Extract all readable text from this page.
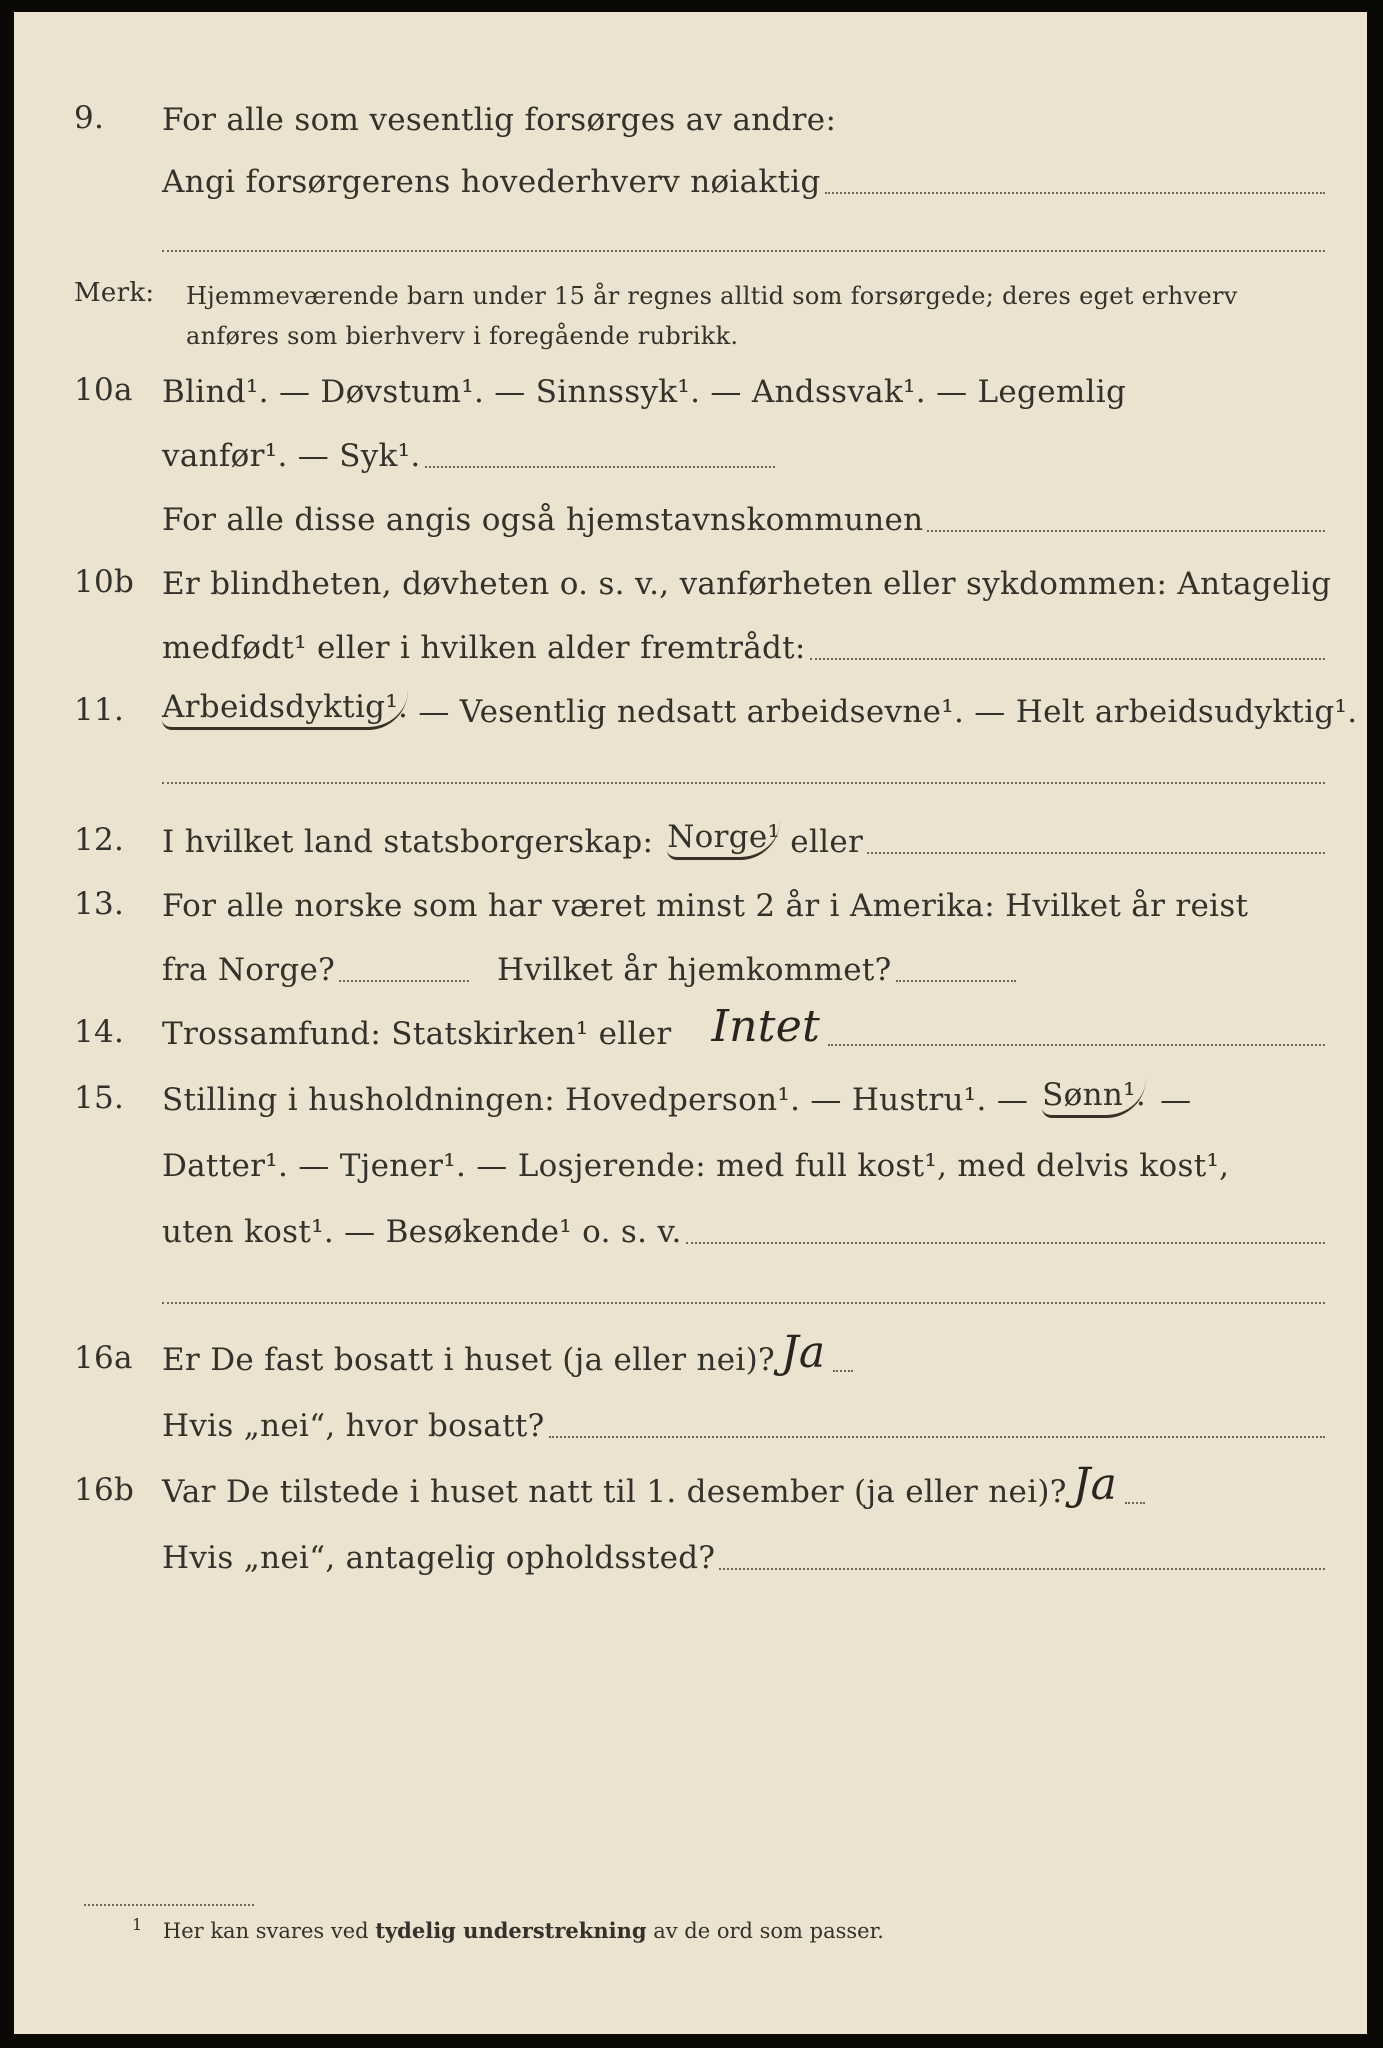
9. For alle som vesentlig forsørges av andre:
Angi forsørgerens hovederhverv nøiaktig
Merk: Hjemmeværende barn under 15 år regnes alltid som forsørgede; deres eget erhverv
anføres som bierhverv i foregående rubrikk.
10a Blind¹. — Døvstum¹. — Sinnssyk¹. — Andssvak¹. — Legemlig
vanfør¹. — Syk¹.
For alle disse angis også hjemstavnskommunen
10b Er blindheten, døvheten o. s. v., vanførheten eller sykdommen: Antagelig
medfødt¹ eller i hvilken alder fremtrådt:
11. Arbeidsdyktig¹. — Vesentlig nedsatt arbeidsevne¹. — Helt arbeidsudyktig¹.
12. I hvilket land statsborgerskap: Norge¹ eller
13. For alle norske som har været minst 2 år i Amerika: Hvilket år reist
fra Norge?	Hvilket år hjemkommet?
14. Trossamfund: Statskirken¹ eller Intet
15. Stilling i husholdningen: Hovedperson¹. — Hustru¹. — Sønn¹. —
Datter¹. — Tjener¹. — Losjerende: med full kost¹, med delvis kost¹,
uten kost¹. — Besøkende¹ o. s. v.
16a Er De fast bosatt i huset (ja eller nei)? Ja
Hvis „nei“, hvor bosatt?
16b Var De tilstede i huset natt til 1. desember (ja eller nei)? Ja
Hvis „nei“, antagelig opholdssted?
$^1$ Her kan svares ved tydelig understrekning av de ord som passer.
